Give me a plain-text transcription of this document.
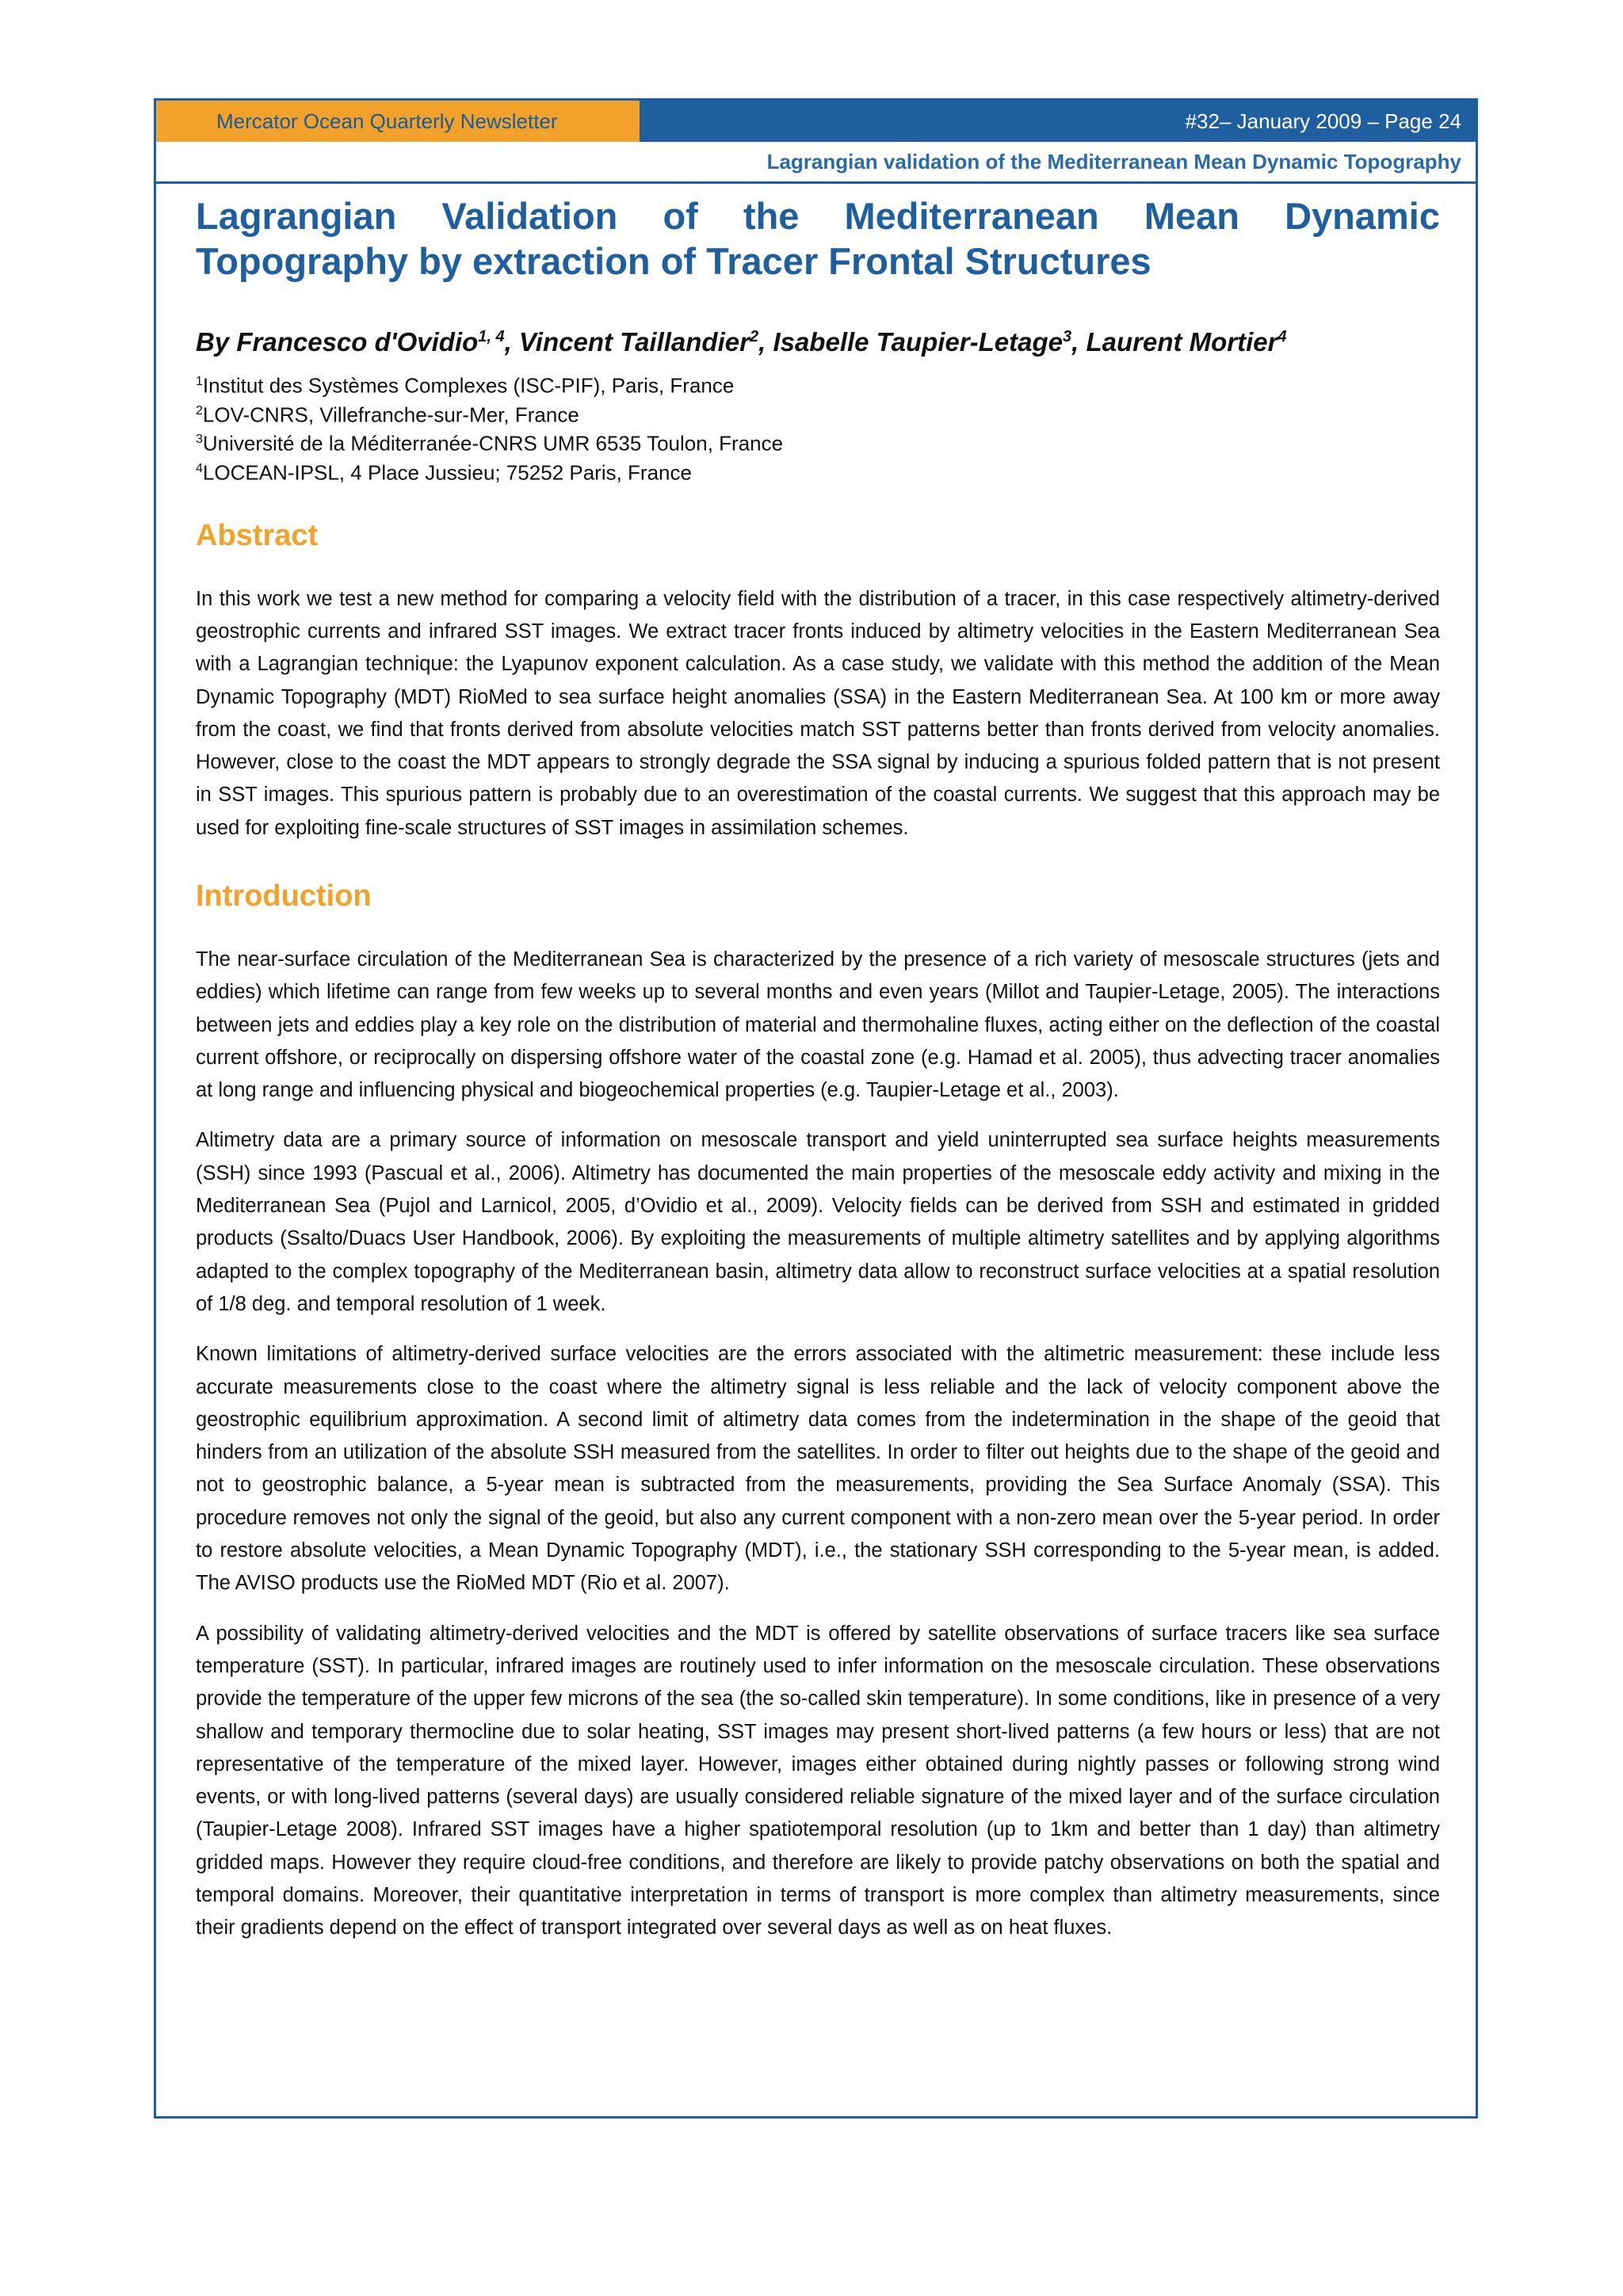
Mercator Ocean Quarterly Newsletter	#32– January 2009 – Page 24
Lagrangian validation of the Mediterranean Mean Dynamic Topography
Lagrangian Validation of the Mediterranean Mean Dynamic Topography by extraction of Tracer Frontal Structures
By Francesco d'Ovidio$^{1, 4}$, Vincent Taillandier$^2$, Isabelle Taupier-Letage$^3$, Laurent Mortier$^4$
$^1$Institut des Systèmes Complexes (ISC-PIF), Paris, France
$^2$LOV-CNRS, Villefranche-sur-Mer, France
$^3$Université de la Méditerranée-CNRS UMR 6535 Toulon, France
$^4$LOCEAN-IPSL, 4 Place Jussieu; 75252 Paris, France
Abstract

In this work we test a new method for comparing a velocity field with the distribution of a tracer, in this case respectively altimetry-derived geostrophic currents and infrared SST images. We extract tracer fronts induced by altimetry velocities in the Eastern Mediterranean Sea with a Lagrangian technique: the Lyapunov exponent calculation. As a case study, we validate with this method the addition of the Mean Dynamic Topography (MDT) RioMed to sea surface height anomalies (SSA) in the Eastern Mediterranean Sea. At 100 km or more away from the coast, we find that fronts derived from absolute velocities match SST patterns better than fronts derived from velocity anomalies. However, close to the coast the MDT appears to strongly degrade the SSA signal by inducing a spurious folded pattern that is not present in SST images. This spurious pattern is probably due to an overestimation of the coastal currents. We suggest that this approach may be used for exploiting fine-scale structures of SST images in assimilation schemes.

Introduction

The near-surface circulation of the Mediterranean Sea is characterized by the presence of a rich variety of mesoscale structures (jets and eddies) which lifetime can range from few weeks up to several months and even years (Millot and Taupier-Letage, 2005). The interactions between jets and eddies play a key role on the distribution of material and thermohaline fluxes, acting either on the deflection of the coastal current offshore, or reciprocally on dispersing offshore water of the coastal zone (e.g. Hamad et al. 2005), thus advecting tracer anomalies at long range and influencing physical and biogeochemical properties (e.g. Taupier-Letage et al., 2003).

Altimetry data are a primary source of information on mesoscale transport and yield uninterrupted sea surface heights measurements (SSH) since 1993 (Pascual et al., 2006). Altimetry has documented the main properties of the mesoscale eddy activity and mixing in the Mediterranean Sea (Pujol and Larnicol, 2005, d’Ovidio et al., 2009). Velocity fields can be derived from SSH and estimated in gridded products (Ssalto/Duacs User Handbook, 2006). By exploiting the measurements of multiple altimetry satellites and by applying algorithms adapted to the complex topography of the Mediterranean basin, altimetry data allow to reconstruct surface velocities at a spatial resolution of 1/8 deg. and temporal resolution of 1 week.

Known limitations of altimetry-derived surface velocities are the errors associated with the altimetric measurement: these include less accurate measurements close to the coast where the altimetry signal is less reliable and the lack of velocity component above the geostrophic equilibrium approximation. A second limit of altimetry data comes from the indetermination in the shape of the geoid that hinders from an utilization of the absolute SSH measured from the satellites. In order to filter out heights due to the shape of the geoid and not to geostrophic balance, a 5-year mean is subtracted from the measurements, providing the Sea Surface Anomaly (SSA). This procedure removes not only the signal of the geoid, but also any current component with a non-zero mean over the 5-year period. In order to restore absolute velocities, a Mean Dynamic Topography (MDT), i.e., the stationary SSH corresponding to the 5-year mean, is added. The AVISO products use the RioMed MDT (Rio et al. 2007).

A possibility of validating altimetry-derived velocities and the MDT is offered by satellite observations of surface tracers like sea surface temperature (SST). In particular, infrared images are routinely used to infer information on the mesoscale circulation. These observations provide the temperature of the upper few microns of the sea (the so-called skin temperature). In some conditions, like in presence of a very shallow and temporary thermocline due to solar heating, SST images may present short-lived patterns (a few hours or less) that are not representative of the temperature of the mixed layer. However, images either obtained during nightly passes or following strong wind events, or with long-lived patterns (several days) are usually considered reliable signature of the mixed layer and of the surface circulation (Taupier-Letage 2008). Infrared SST images have a higher spatiotemporal resolution (up to 1km and better than 1 day) than altimetry gridded maps. However they require cloud-free conditions, and therefore are likely to provide patchy observations on both the spatial and temporal domains. Moreover, their quantitative interpretation in terms of transport is more complex than altimetry measurements, since their gradients depend on the effect of transport integrated over several days as well as on heat fluxes.
